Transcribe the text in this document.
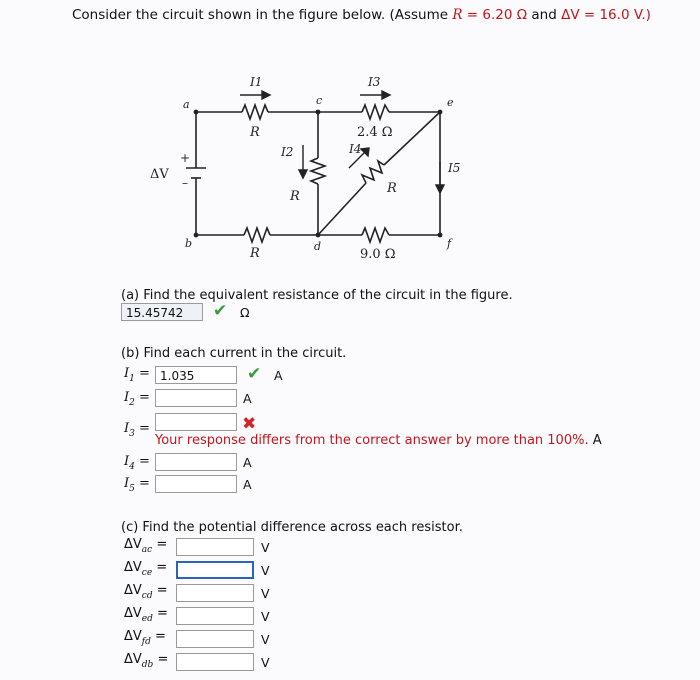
Consider the circuit shown in the figure below. (Assume R = 6.20 Ω and ΔV = 16.0 V.)
a
b
c
d
e
f
I1	I3
I2	I4
I5
R	2.4 Ω
R
R
R	9.0 Ω
ΔV
+
–
(a) Find the equivalent resistance of the circuit in the figure.
15.45742	✔ Ω
(b) Find each current in the circuit.
$I_1 = 1.035$	✔ A
$I_2$ =	A
$I_3$ =	✖
Your response differs from the correct answer by more than 100%. A
$I_4$ =	A
$I_5$ =	A
(c) Find the potential difference across each resistor.
$\Delta V_{ac}$ =	V
$\Delta V_{ce}$ =	V
$\Delta V_{cd}$ =	V
$\Delta V_{ed}$ =	V
$\Delta V_{fd}$ =	V
$\Delta V_{db}$ =	V
